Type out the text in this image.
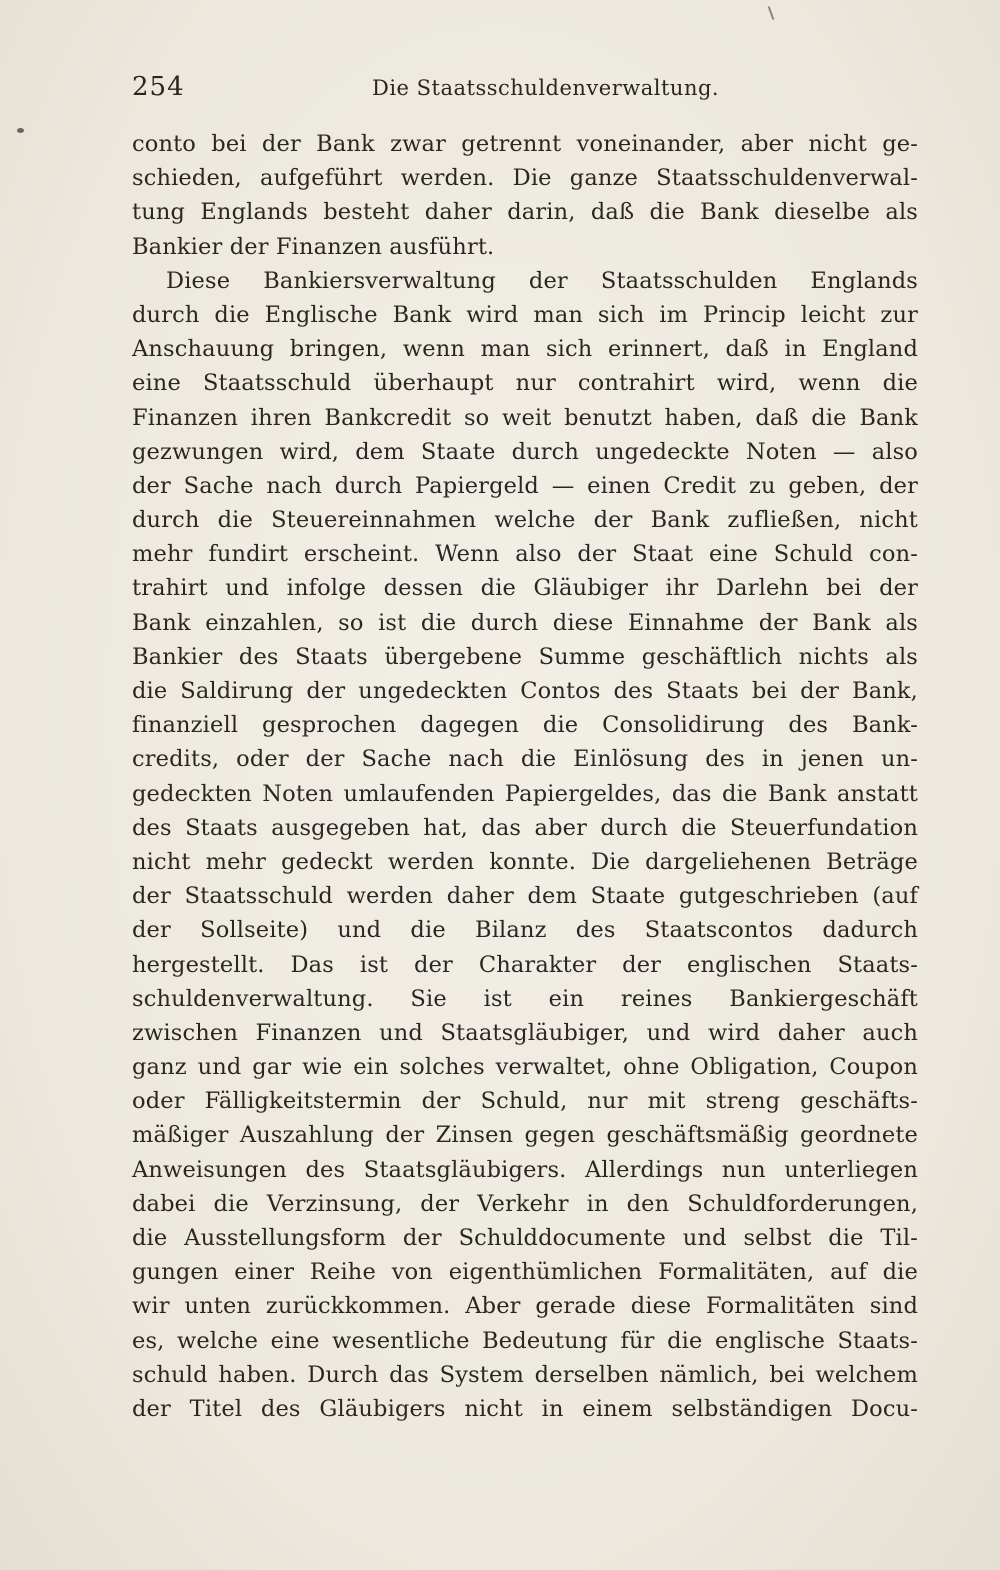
254	Die Staatsschuldenverwaltung.
conto bei der Bank zwar getrennt voneinander, aber nicht ge-
schieden, aufgeführt werden. Die ganze Staatsschuldenverwal-
tung Englands besteht daher darin, daß die Bank dieselbe als
Bankier der Finanzen ausführt.
Diese Bankiersverwaltung der Staatsschulden Englands
durch die Englische Bank wird man sich im Princip leicht zur
Anschauung bringen, wenn man sich erinnert, daß in England
eine Staatsschuld überhaupt nur contrahirt wird, wenn die
Finanzen ihren Bankcredit so weit benutzt haben, daß die Bank
gezwungen wird, dem Staate durch ungedeckte Noten — also
der Sache nach durch Papiergeld — einen Credit zu geben, der
durch die Steuereinnahmen welche der Bank zufließen, nicht
mehr fundirt erscheint. Wenn also der Staat eine Schuld con-
trahirt und infolge dessen die Gläubiger ihr Darlehn bei der
Bank einzahlen, so ist die durch diese Einnahme der Bank als
Bankier des Staats übergebene Summe geschäftlich nichts als
die Saldirung der ungedeckten Contos des Staats bei der Bank,
finanziell gesprochen dagegen die Consolidirung des Bank-
credits, oder der Sache nach die Einlösung des in jenen un-
gedeckten Noten umlaufenden Papiergeldes, das die Bank anstatt
des Staats ausgegeben hat, das aber durch die Steuerfundation
nicht mehr gedeckt werden konnte. Die dargeliehenen Beträge
der Staatsschuld werden daher dem Staate gutgeschrieben (auf
der Sollseite) und die Bilanz des Staatscontos dadurch
hergestellt. Das ist der Charakter der englischen Staats-
schuldenverwaltung. Sie ist ein reines Bankiergeschäft
zwischen Finanzen und Staatsgläubiger, und wird daher auch
ganz und gar wie ein solches verwaltet, ohne Obligation, Coupon
oder Fälligkeitstermin der Schuld, nur mit streng geschäfts-
mäßiger Auszahlung der Zinsen gegen geschäftsmäßig geordnete
Anweisungen des Staatsgläubigers. Allerdings nun unterliegen
dabei die Verzinsung, der Verkehr in den Schuldforderungen,
die Ausstellungsform der Schulddocumente und selbst die Til-
gungen einer Reihe von eigenthümlichen Formalitäten, auf die
wir unten zurückkommen. Aber gerade diese Formalitäten sind
es, welche eine wesentliche Bedeutung für die englische Staats-
schuld haben. Durch das System derselben nämlich, bei welchem
der Titel des Gläubigers nicht in einem selbständigen Docu-
